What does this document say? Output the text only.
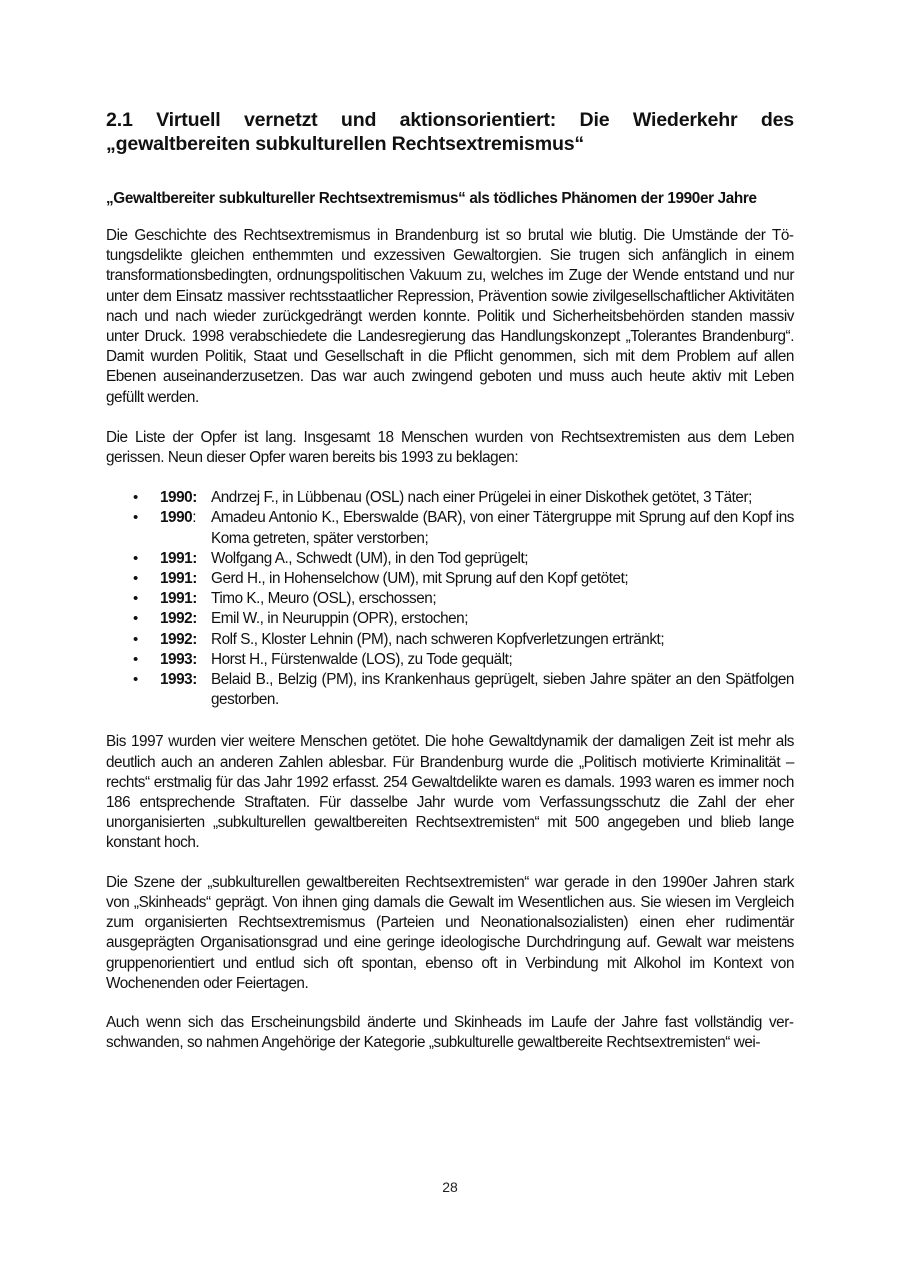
2.1 Virtuell vernetzt und aktionsorientiert: Die Wiederkehr des „gewaltbereiten subkulturellen Rechtsextremismus“
„Gewaltbereiter subkultureller Rechtsextremismus“ als tödliches Phänomen der 1990er Jahre

Die Geschichte des Rechtsextremismus in Brandenburg ist so brutal wie blutig. Die Umstände der Tötungsdelikte gleichen enthemmten und exzessiven Gewaltorgien. Sie trugen sich anfänglich in einem transformationsbedingten, ordnungspolitischen Vakuum zu, welches im Zuge der Wende entstand und nur unter dem Einsatz massiver rechtsstaatlicher Repression, Prävention sowie zivilgesellschaftlicher Aktivitäten nach und nach wieder zurückgedrängt werden konnte. Politik und Sicherheitsbehörden standen massiv unter Druck. 1998 verabschiedete die Landesregierung das Handlungskonzept „Tolerantes Brandenburg“. Damit wurden Politik, Staat und Gesellschaft in die Pflicht genommen, sich mit dem Problem auf allen Ebenen auseinanderzusetzen. Das war auch zwingend geboten und muss auch heute aktiv mit Leben gefüllt werden.

Die Liste der Opfer ist lang. Insgesamt 18 Menschen wurden von Rechtsextremisten aus dem Leben gerissen. Neun dieser Opfer waren bereits bis 1993 zu beklagen:

• 1990: Andrzej F., in Lübbenau (OSL) nach einer Prügelei in einer Diskothek getötet, 3 Täter;
• 1990: Amadeu Antonio K., Eberswalde (BAR), von einer Tätergruppe mit Sprung auf den Kopf ins Koma getreten, später verstorben;
• 1991: Wolfgang A., Schwedt (UM), in den Tod geprügelt;
• 1991: Gerd H., in Hohenselchow (UM), mit Sprung auf den Kopf getötet;
• 1991: Timo K., Meuro (OSL), erschossen;
• 1992: Emil W., in Neuruppin (OPR), erstochen;
• 1992: Rolf S., Kloster Lehnin (PM), nach schweren Kopfverletzungen ertränkt;
• 1993: Horst H., Fürstenwalde (LOS), zu Tode gequält;
• 1993: Belaid B., Belzig (PM), ins Krankenhaus geprügelt, sieben Jahre später an den Spätfolgen gestorben.

Bis 1997 wurden vier weitere Menschen getötet. Die hohe Gewaltdynamik der damaligen Zeit ist mehr als deutlich auch an anderen Zahlen ablesbar. Für Brandenburg wurde die „Politisch motivierte Kriminalität – rechts“ erstmalig für das Jahr 1992 erfasst. 254 Gewaltdelikte waren es damals. 1993 waren es immer noch 186 entsprechende Straftaten. Für dasselbe Jahr wurde vom Verfassungsschutz die Zahl der eher unorganisierten „subkulturellen gewaltbereiten Rechtsextremisten“ mit 500 angegeben und blieb lange konstant hoch.

Die Szene der „subkulturellen gewaltbereiten Rechtsextremisten“ war gerade in den 1990er Jahren stark von „Skinheads“ geprägt. Von ihnen ging damals die Gewalt im Wesentlichen aus. Sie wiesen im Vergleich zum organisierten Rechtsextremismus (Parteien und Neonationalsozialisten) einen eher rudimentär ausgeprägten Organisationsgrad und eine geringe ideologische Durchdringung auf. Gewalt war meistens gruppenorientiert und entlud sich oft spontan, ebenso oft in Verbindung mit Alkohol im Kontext von Wochenenden oder Feiertagen.

Auch wenn sich das Erscheinungsbild änderte und Skinheads im Laufe der Jahre fast vollständig verschwanden, so nahmen Angehörige der Kategorie „subkulturelle gewaltbereite Rechtsextremisten“ wei-

28
